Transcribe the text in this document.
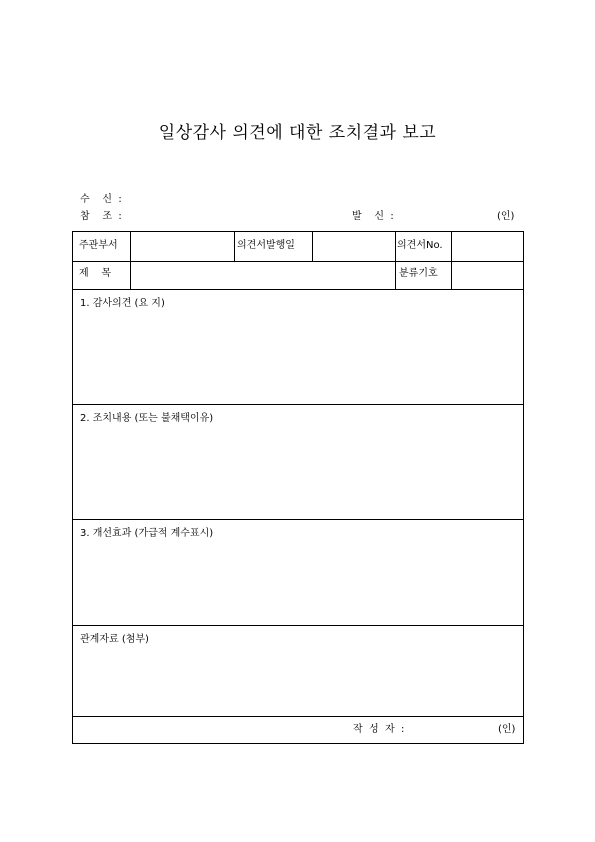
일상감사 의견에 대한 조치결과 보고
수    신  :
참    조  :	발    신  :	(인)
주관부서	의견서발행일	의견서No.
제    목	분류기호
1. 감사의견 (요 지)
2. 조치내용 (또는 불채택이유)
3. 개선효과 (가급적 계수표시)
관계자료 (첨부)
작  성  자  :	(인)
